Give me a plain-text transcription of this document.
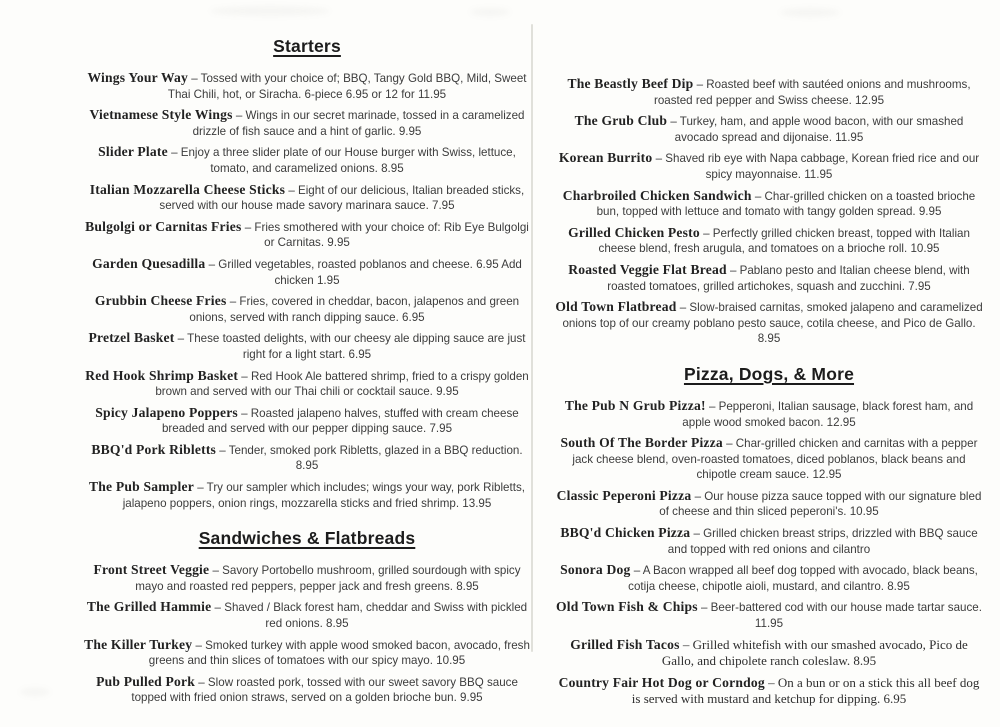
Starters

Wings Your Way – Tossed with your choice of; BBQ, Tangy Gold BBQ, Mild, Sweet Thai Chili, hot, or Siracha. 6-piece 6.95 or 12 for 11.95

Vietnamese Style Wings – Wings in our secret marinade, tossed in a caramelized drizzle of fish sauce and a hint of garlic. 9.95

Slider Plate – Enjoy a three slider plate of our House burger with Swiss, lettuce, tomato, and caramelized onions. 8.95

Italian Mozzarella Cheese Sticks – Eight of our delicious, Italian breaded sticks, served with our house made savory marinara sauce. 7.95

Bulgolgi or Carnitas Fries – Fries smothered with your choice of: Rib Eye Bulgolgi or Carnitas. 9.95

Garden Quesadilla – Grilled vegetables, roasted poblanos and cheese. 6.95 Add chicken 1.95

Grubbin Cheese Fries – Fries, covered in cheddar, bacon, jalapenos and green onions, served with ranch dipping sauce. 6.95

Pretzel Basket – These toasted delights, with our cheesy ale dipping sauce are just right for a light start. 6.95

Red Hook Shrimp Basket – Red Hook Ale battered shrimp, fried to a crispy golden brown and served with our Thai chili or cocktail sauce. 9.95

Spicy Jalapeno Poppers – Roasted jalapeno halves, stuffed with cream cheese breaded and served with our pepper dipping sauce. 7.95

BBQ'd Pork Ribletts – Tender, smoked pork Ribletts, glazed in a BBQ reduction. 8.95

The Pub Sampler – Try our sampler which includes; wings your way, pork Ribletts, jalapeno poppers, onion rings, mozzarella sticks and fried shrimp. 13.95

Sandwiches & Flatbreads

Front Street Veggie – Savory Portobello mushroom, grilled sourdough with spicy mayo and roasted red peppers, pepper jack and fresh greens. 8.95

The Grilled Hammie – Shaved / Black forest ham, cheddar and Swiss with pickled red onions. 8.95

The Killer Turkey – Smoked turkey with apple wood smoked bacon, avocado, fresh greens and thin slices of tomatoes with our spicy mayo. 10.95

Pub Pulled Pork – Slow roasted pork, tossed with our sweet savory BBQ sauce topped with fried onion straws, served on a golden brioche bun. 9.95

The Beastly Beef Dip – Roasted beef with sautéed onions and mushrooms, roasted red pepper and Swiss cheese. 12.95

The Grub Club – Turkey, ham, and apple wood bacon, with our smashed avocado spread and dijonaise. 11.95

Korean Burrito – Shaved rib eye with Napa cabbage, Korean fried rice and our spicy mayonnaise. 11.95

Charbroiled Chicken Sandwich – Char-grilled chicken on a toasted brioche bun, topped with lettuce and tomato with tangy golden spread. 9.95

Grilled Chicken Pesto – Perfectly grilled chicken breast, topped with Italian cheese blend, fresh arugula, and tomatoes on a brioche roll. 10.95

Roasted Veggie Flat Bread – Pablano pesto and Italian cheese blend, with roasted tomatoes, grilled artichokes, squash and zucchini. 7.95

Old Town Flatbread – Slow-braised carnitas, smoked jalapeno and caramelized onions top of our creamy poblano pesto sauce, cotila cheese, and Pico de Gallo. 8.95

Pizza, Dogs, & More

The Pub N Grub Pizza! – Pepperoni, Italian sausage, black forest ham, and apple wood smoked bacon. 12.95

South Of The Border Pizza – Char-grilled chicken and carnitas with a pepper jack cheese blend, oven-roasted tomatoes, diced poblanos, black beans and chipotle cream sauce. 12.95

Classic Peperoni Pizza – Our house pizza sauce topped with our signature bled of cheese and thin sliced peperoni's. 10.95

BBQ'd Chicken Pizza – Grilled chicken breast strips, drizzled with BBQ sauce and topped with red onions and cilantro

Sonora Dog – A Bacon wrapped all beef dog topped with avocado, black beans, cotija cheese, chipotle aioli, mustard, and cilantro. 8.95

Old Town Fish & Chips – Beer-battered cod with our house made tartar sauce. 11.95

Grilled Fish Tacos – Grilled whitefish with our smashed avocado, Pico de Gallo, and chipolete ranch coleslaw. 8.95

Country Fair Hot Dog or Corndog – On a bun or on a stick this all beef dog is served with mustard and ketchup for dipping. 6.95
